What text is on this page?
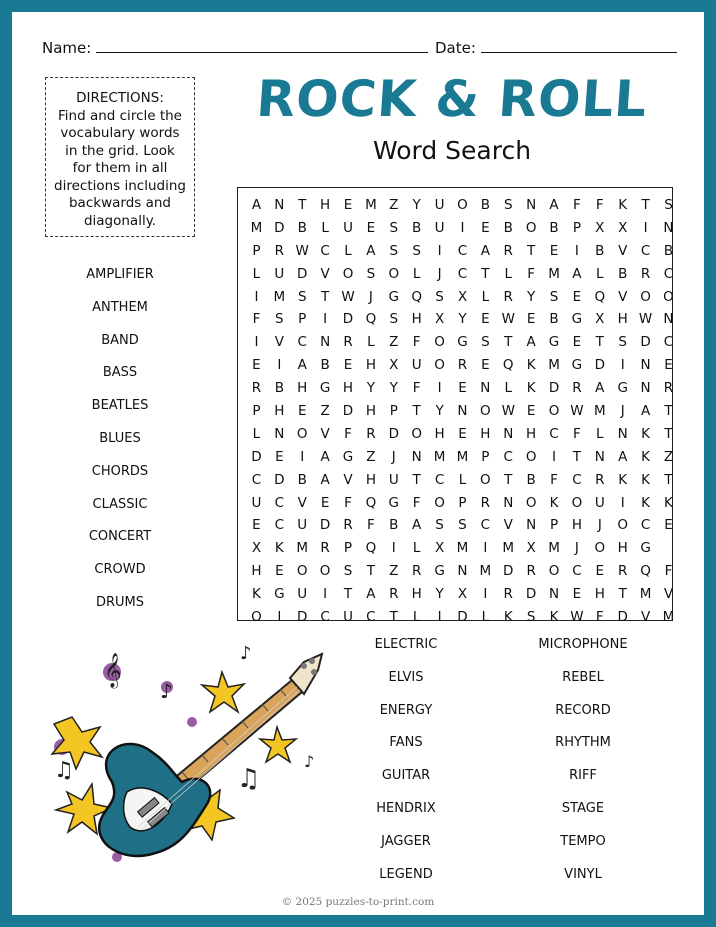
Name:	Date:
DIRECTIONS:
Find and circle the
vocabulary words
in the grid. Look
for them in all
directions including
backwards and
diagonally.
ROCK & ROLL
Word Search
A N	T	H	E M Z	Y	U O B	S	N A	F	F	K	T	S
M D B	L	U	E	S	B U	I	E	B O B	P	X	X	I	N
P	R W C	L	A	S	S	I	C	A	R	T	E	I	B	V	C	B
L	U D V O S O	L	J	C	T	L	F M A	L	B	R C
I	M S	T W	J	G Q S	X	L	R	Y	S	E Q V O O
F	S	P	I	D Q S	H X	Y	E W E	B G X H W N
I	V	C N R	L	Z	F	O G S	T	A G E	T	S D C
E	I	A	B	E	H X U O R	E Q K M G D	I	N	E
R	B H G H	Y	Y	F	I	E	N	L	K D R	A G N R
P	H	E	Z D H	P	T	Y	N O W E O W M	J	A	T
L	N O V	F	R D O H	E	H N H C	F	L	N K	T
D E	I	A G Z	J	N M M P	C O	I	T	N A	K	Z
C D B	A	V H U	T	C	L	O T	B	F	C R	K	K	T
U C	V	E	F	Q G	F	O P	R N O K O U	I	K	K
E	C U D R	F	B	A	S	S	C	V N	P	H	J	O C	E
X	K M R	P	Q	I	L	X M	I	M X M	J	O H G
H	E O O S	T	Z	R G N M D R O C	E	R Q	F
K G U	I	T	A	R H	Y	X	I	R D N	E	H	T M V
O	I	D C U C	T	L	I	D	L	K	S	K W F	D V M
AMPLIFIER
ANTHEM
BAND
BASS
BEATLES
BLUES
CHORDS
CLASSIC
CONCERT
CROWD
DRUMS
ELECTRIC
ELVIS
ENERGY
FANS
GUITAR
HENDRIX
JAGGER
LEGEND
MICROPHONE
REBEL
RECORD
RHYTHM
RIFF
STAGE
TEMPO
VINYL
𝄞
♪
♪
♫
♫	♪
© 2025 puzzles-to-print.com
